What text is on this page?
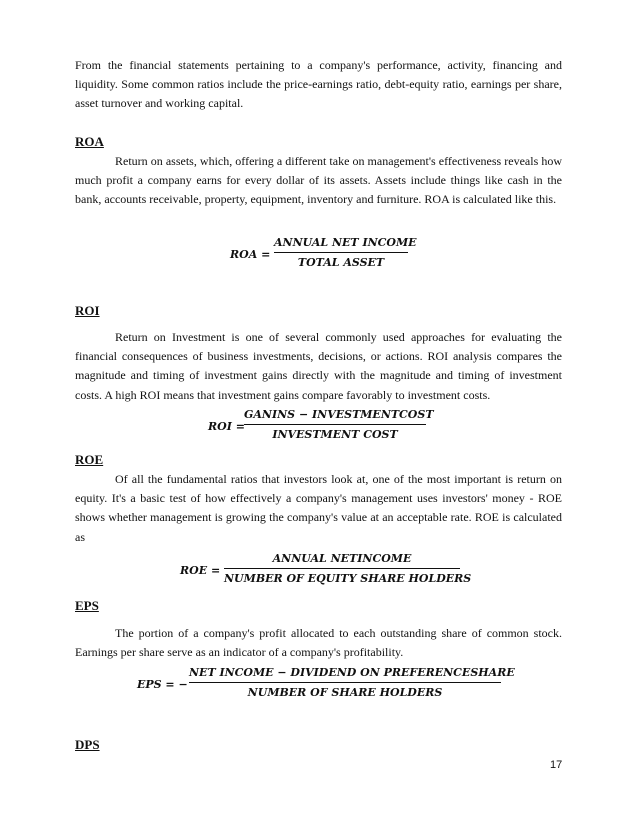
From the financial statements pertaining to a company's performance, activity, financing and liquidity. Some common ratios include the price-earnings ratio, debt-equity ratio, earnings per share, asset turnover and working capital.

ROA

Return on assets, which, offering a different take on management's effectiveness reveals how much profit a company earns for every dollar of its assets. Assets include things like cash in the bank, accounts receivable, property, equipment, inventory and furniture. ROA is calculated like this.

ROA =
ANNUAL NET INCOME
TOTAL ASSET
ROI

Return on Investment is one of several commonly used approaches for evaluating the financial consequences of business investments, decisions, or actions. ROI analysis compares the magnitude and timing of investment gains directly with the magnitude and timing of investment costs. A high ROI means that investment gains compare favorably to investment costs.

ROI =
GANINS − INVESTMENTCOST
INVESTMENT COST
ROE

Of all the fundamental ratios that investors look at, one of the most important is return on equity. It's a basic test of how effectively a company's management uses investors' money - ROE shows whether management is growing the company's value at an acceptable rate. ROE is calculated as

ROE =
ANNUAL NETINCOME
NUMBER OF EQUITY SHARE HOLDERS
EPS

The portion of a company's profit allocated to each outstanding share of common stock. Earnings per share serve as an indicator of a company's profitability.

EPS = −
NET INCOME − DIVIDEND ON PREFERENCESHARE
NUMBER OF SHARE HOLDERS
DPS
17
